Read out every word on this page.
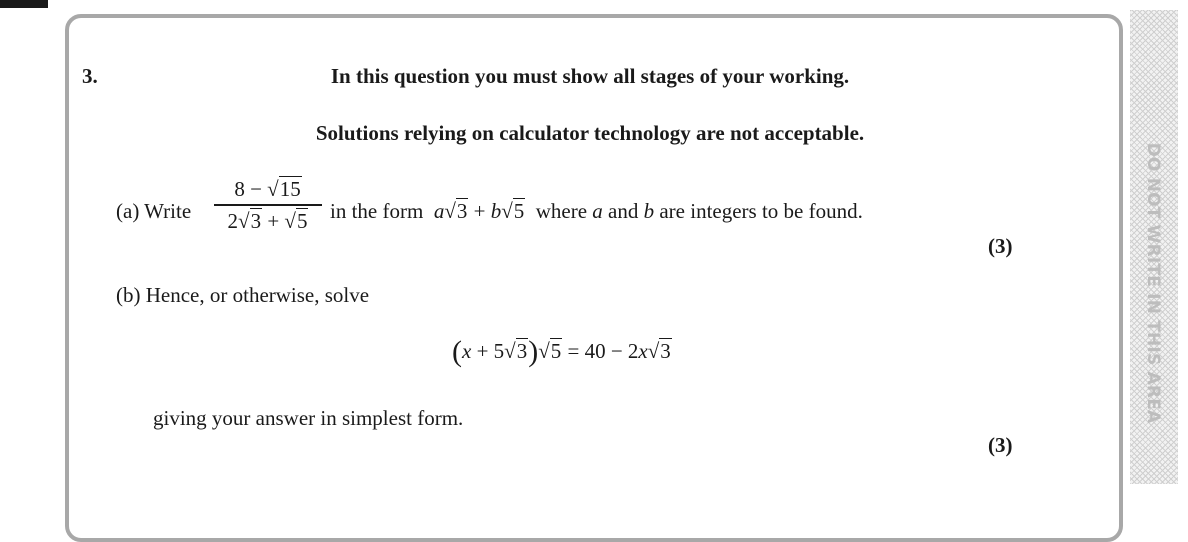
3.	In this question you must show all stages of your working.
Solutions relying on calculator technology are not acceptable.
(a) Write
8 − √15
2√3 + √5	in the form a√3 + b√5 where a and b are integers to be found.
(3)
(b) Hence, or otherwise, solve
(x + 5√3)√5 = 40 − 2x√3
giving your answer in simplest form.
(3)
DO NOT WRITE IN THIS AREA
